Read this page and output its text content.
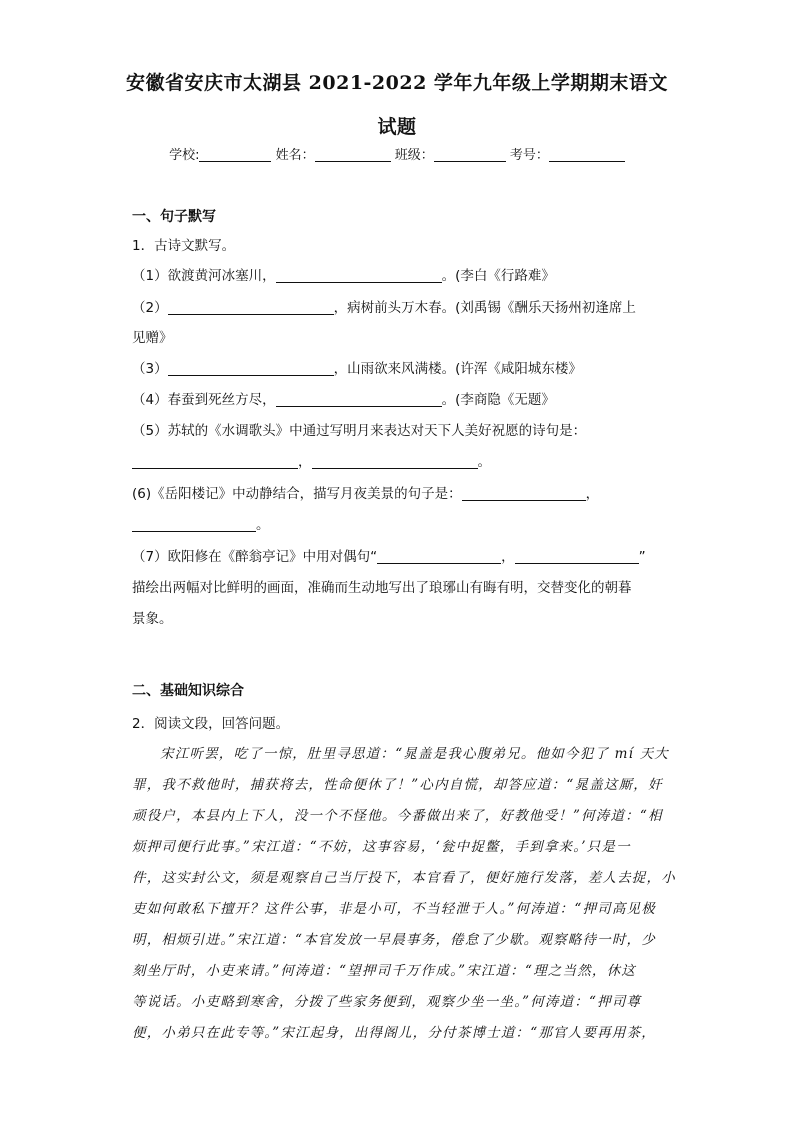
安徽省安庆市太湖县 2021-2022 学年九年级上学期期末语文
试题
学校:	姓名：	班级：	考号：
一、句子默写
1．古诗文默写。
（1）欲渡黄河冰塞川，	。(李白《行路难》
（2）	，病树前头万木春。(刘禹锡《酬乐天扬州初逢席上
见赠》
（3）	，山雨欲来风满楼。(许浑《咸阳城东楼》
（4）春蚕到死丝方尽，	。(李商隐《无题》
（5）苏轼的《水调歌头》中通过写明月来表达对天下人美好祝愿的诗句是：
，	。
(6)《岳阳楼记》中动静结合，描写月夜美景的句子是：	，
。
（7）欧阳修在《醉翁亭记》中用对偶句“	，	”
描绘出两幅对比鲜明的画面，准确而生动地写出了琅琊山有晦有明，交替变化的朝暮
景象。
二、基础知识综合
2．阅读文段，回答问题。
宋江听罢，吃了一惊，肚里寻思道：“晁盖是我心腹弟兄。他如今犯了 mí 天大
罪，我不救他时，捕获将去，性命便休了！”心内自慌，却答应道：“晁盖这厮，奸
顽役户，本县内上下人，没一个不怪他。今番做出来了，好教他受！”何涛道：“相
烦押司便行此事。”宋江道：“不妨，这事容易，‘瓮中捉鳖，手到拿来。’只是一
件，这实封公文，须是观察自己当厅投下，本官看了，便好施行发落，差人去捉，小
吏如何敢私下擅开？这件公事，非是小可，不当轻泄于人。”何涛道：“押司高见极
明，相烦引进。”宋江道：“本官发放一早晨事务，倦怠了少歇。观察略待一时，少
刻坐厅时，小吏来请。”何涛道：“望押司千万作成。”宋江道：“理之当然，休这
等说话。小吏略到寒舍，分拨了些家务便到，观察少坐一坐。”何涛道：“押司尊
便，小弟只在此专等。”宋江起身，出得阁儿，分付茶博士道：“那官人要再用茶，
